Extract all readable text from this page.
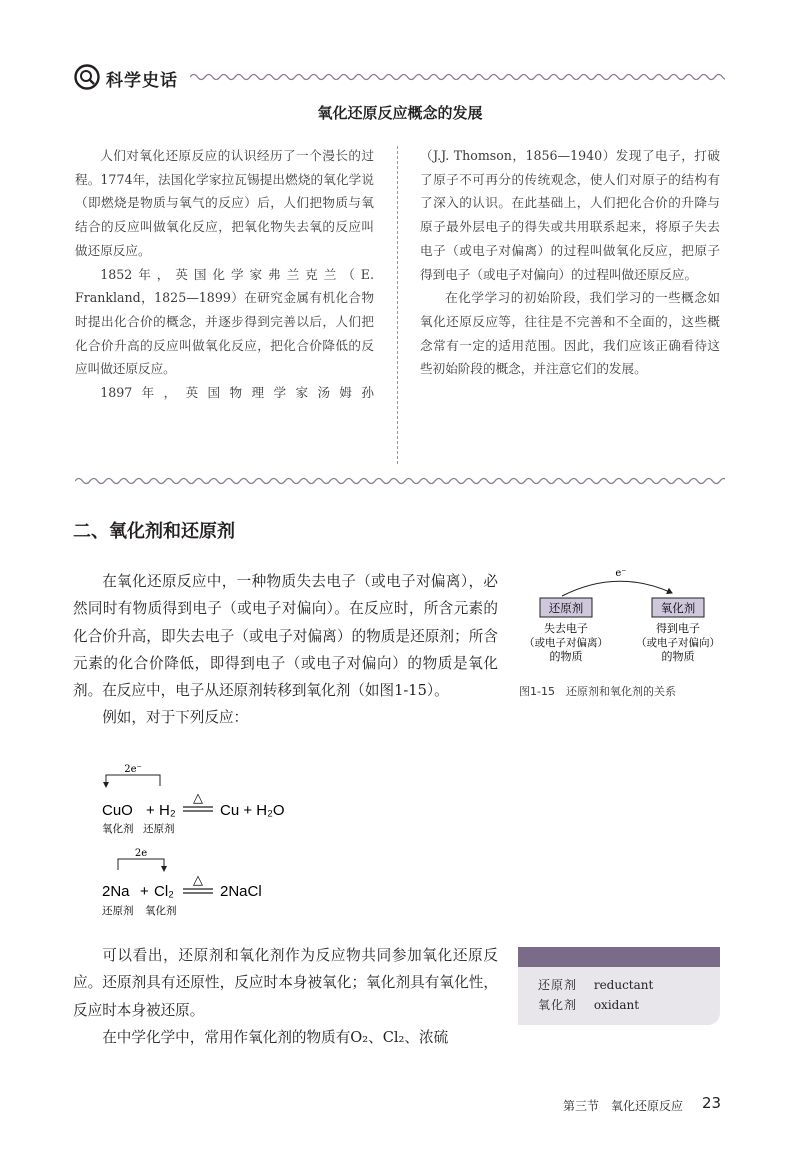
科学史话
氧化还原反应概念的发展

人们对氧化还原反应的认识经历了一个漫长的过程。1774年，法国化学家拉瓦锡提出燃烧的氧化学说（即燃烧是物质与氧气的反应）后，人们把物质与氧结合的反应叫做氧化反应，把氧化物失去氧的反应叫做还原反应。

1852年，英国化学家弗兰克兰（E. Frankland，1825—1899）在研究金属有机化合物时提出化合价的概念，并逐步得到完善以后，人们把化合价升高的反应叫做氧化反应，把化合价降低的反应叫做还原反应。

1897年，英国物理学家汤姆孙

（J.J. Thomson，1856—1940）发现了电子，打破了原子不可再分的传统观念，使人们对原子的结构有了深入的认识。在此基础上，人们把化合价的升降与原子最外层电子的得失或共用联系起来，将原子失去电子（或电子对偏离）的过程叫做氧化反应，把原子得到电子（或电子对偏向）的过程叫做还原反应。

在化学学习的初始阶段，我们学习的一些概念如氧化还原反应等，往往是不完善和不全面的，这些概念常有一定的适用范围。因此，我们应该正确看待这些初始阶段的概念，并注意它们的发展。

二、氧化剂和还原剂

在氧化还原反应中，一种物质失去电子（或电子对偏离），必然同时有物质得到电子（或电子对偏向）。在反应时，所含元素的化合价升高，即失去电子（或电子对偏离）的物质是还原剂；所含元素的化合价降低，即得到电子（或电子对偏向）的物质是氧化剂。在反应中，电子从还原剂转移到氧化剂（如图1-15）。

例如，对于下列反应：

e⁻
还原剂	氧化剂
失去电子
（或电子对偏离）
的物质
得到电子
（或电子对偏向）
的物质
图1-15　还原剂和氧化剂的关系
2e⁻
CuO + H₂
△
Cu + H₂O
氧化剂 还原剂
2e
2Na + Cl₂
△
2NaCl
还原剂 氧化剂

可以看出，还原剂和氧化剂作为反应物共同参加氧化还原反应。还原剂具有还原性，反应时本身被氧化；氧化剂具有氧化性，反应时本身被还原。

在中学化学中，常用作氧化剂的物质有O₂、Cl₂、浓硫

还原剂 reductant
氧化剂 oxidant
第三节　氧化还原反应 23
